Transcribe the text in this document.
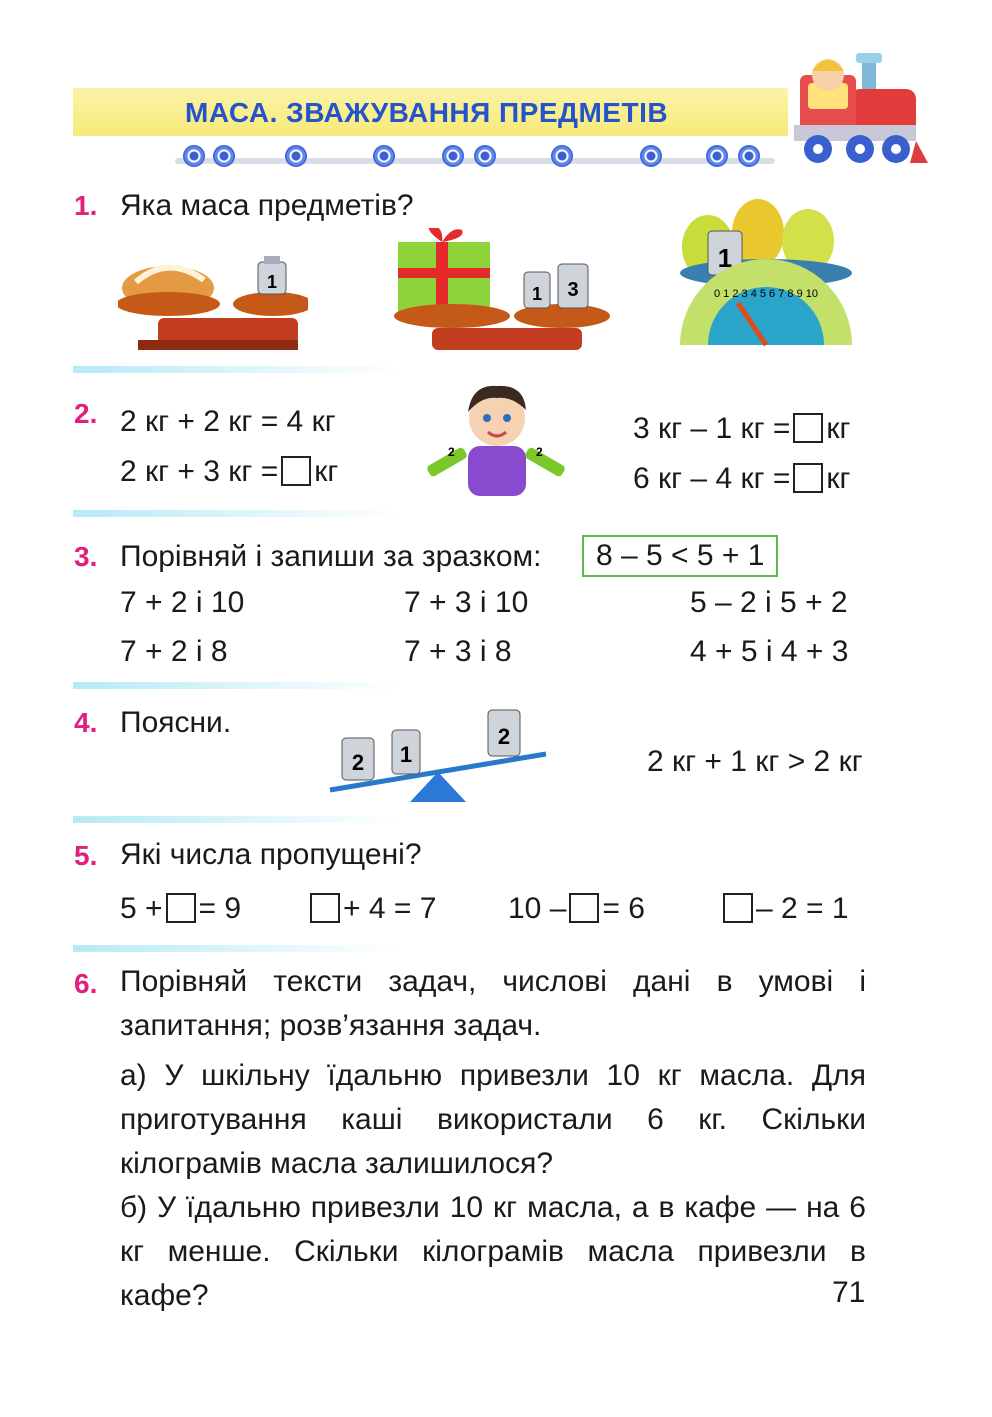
МАСА. ЗВАЖУВАННЯ ПРЕДМЕТІВ
1. Яка маса предметів?
1
1 3
1
0 1 2 3 4 5 6 7 8 9 10
2. 2 кг + 2 кг = 4 кг
2 кг + 3 кг = кг
2	2
3 кг – 1 кг = кг
6 кг – 4 кг = кг
3. Порівняй і запиши за зразком:	8 – 5 < 5 + 1
7 + 2 і 10	7 + 3 і 10	5 – 2 і 5 + 2
7 + 2 і 8	7 + 3 і 8	4 + 5 і 4 + 3
4. Поясни.
2 1
2
2 кг + 1 кг > 2 кг
5. Які числа пропущені?
5 + = 9	+ 4 = 7 10 – = 6	– 2 = 1
6. Порівняй тексти задач, числові дані в умові і запитання; розв’язання задач.
а) У шкільну їдальню привезли 10 кг масла. Для приготування каші використали 6 кг. Скільки кілограмів масла залишилося?
б) У їдальню привезли 10 кг масла, а в кафе — на 6 кг менше. Скільки кілограмів масла привезли в кафе?	71
